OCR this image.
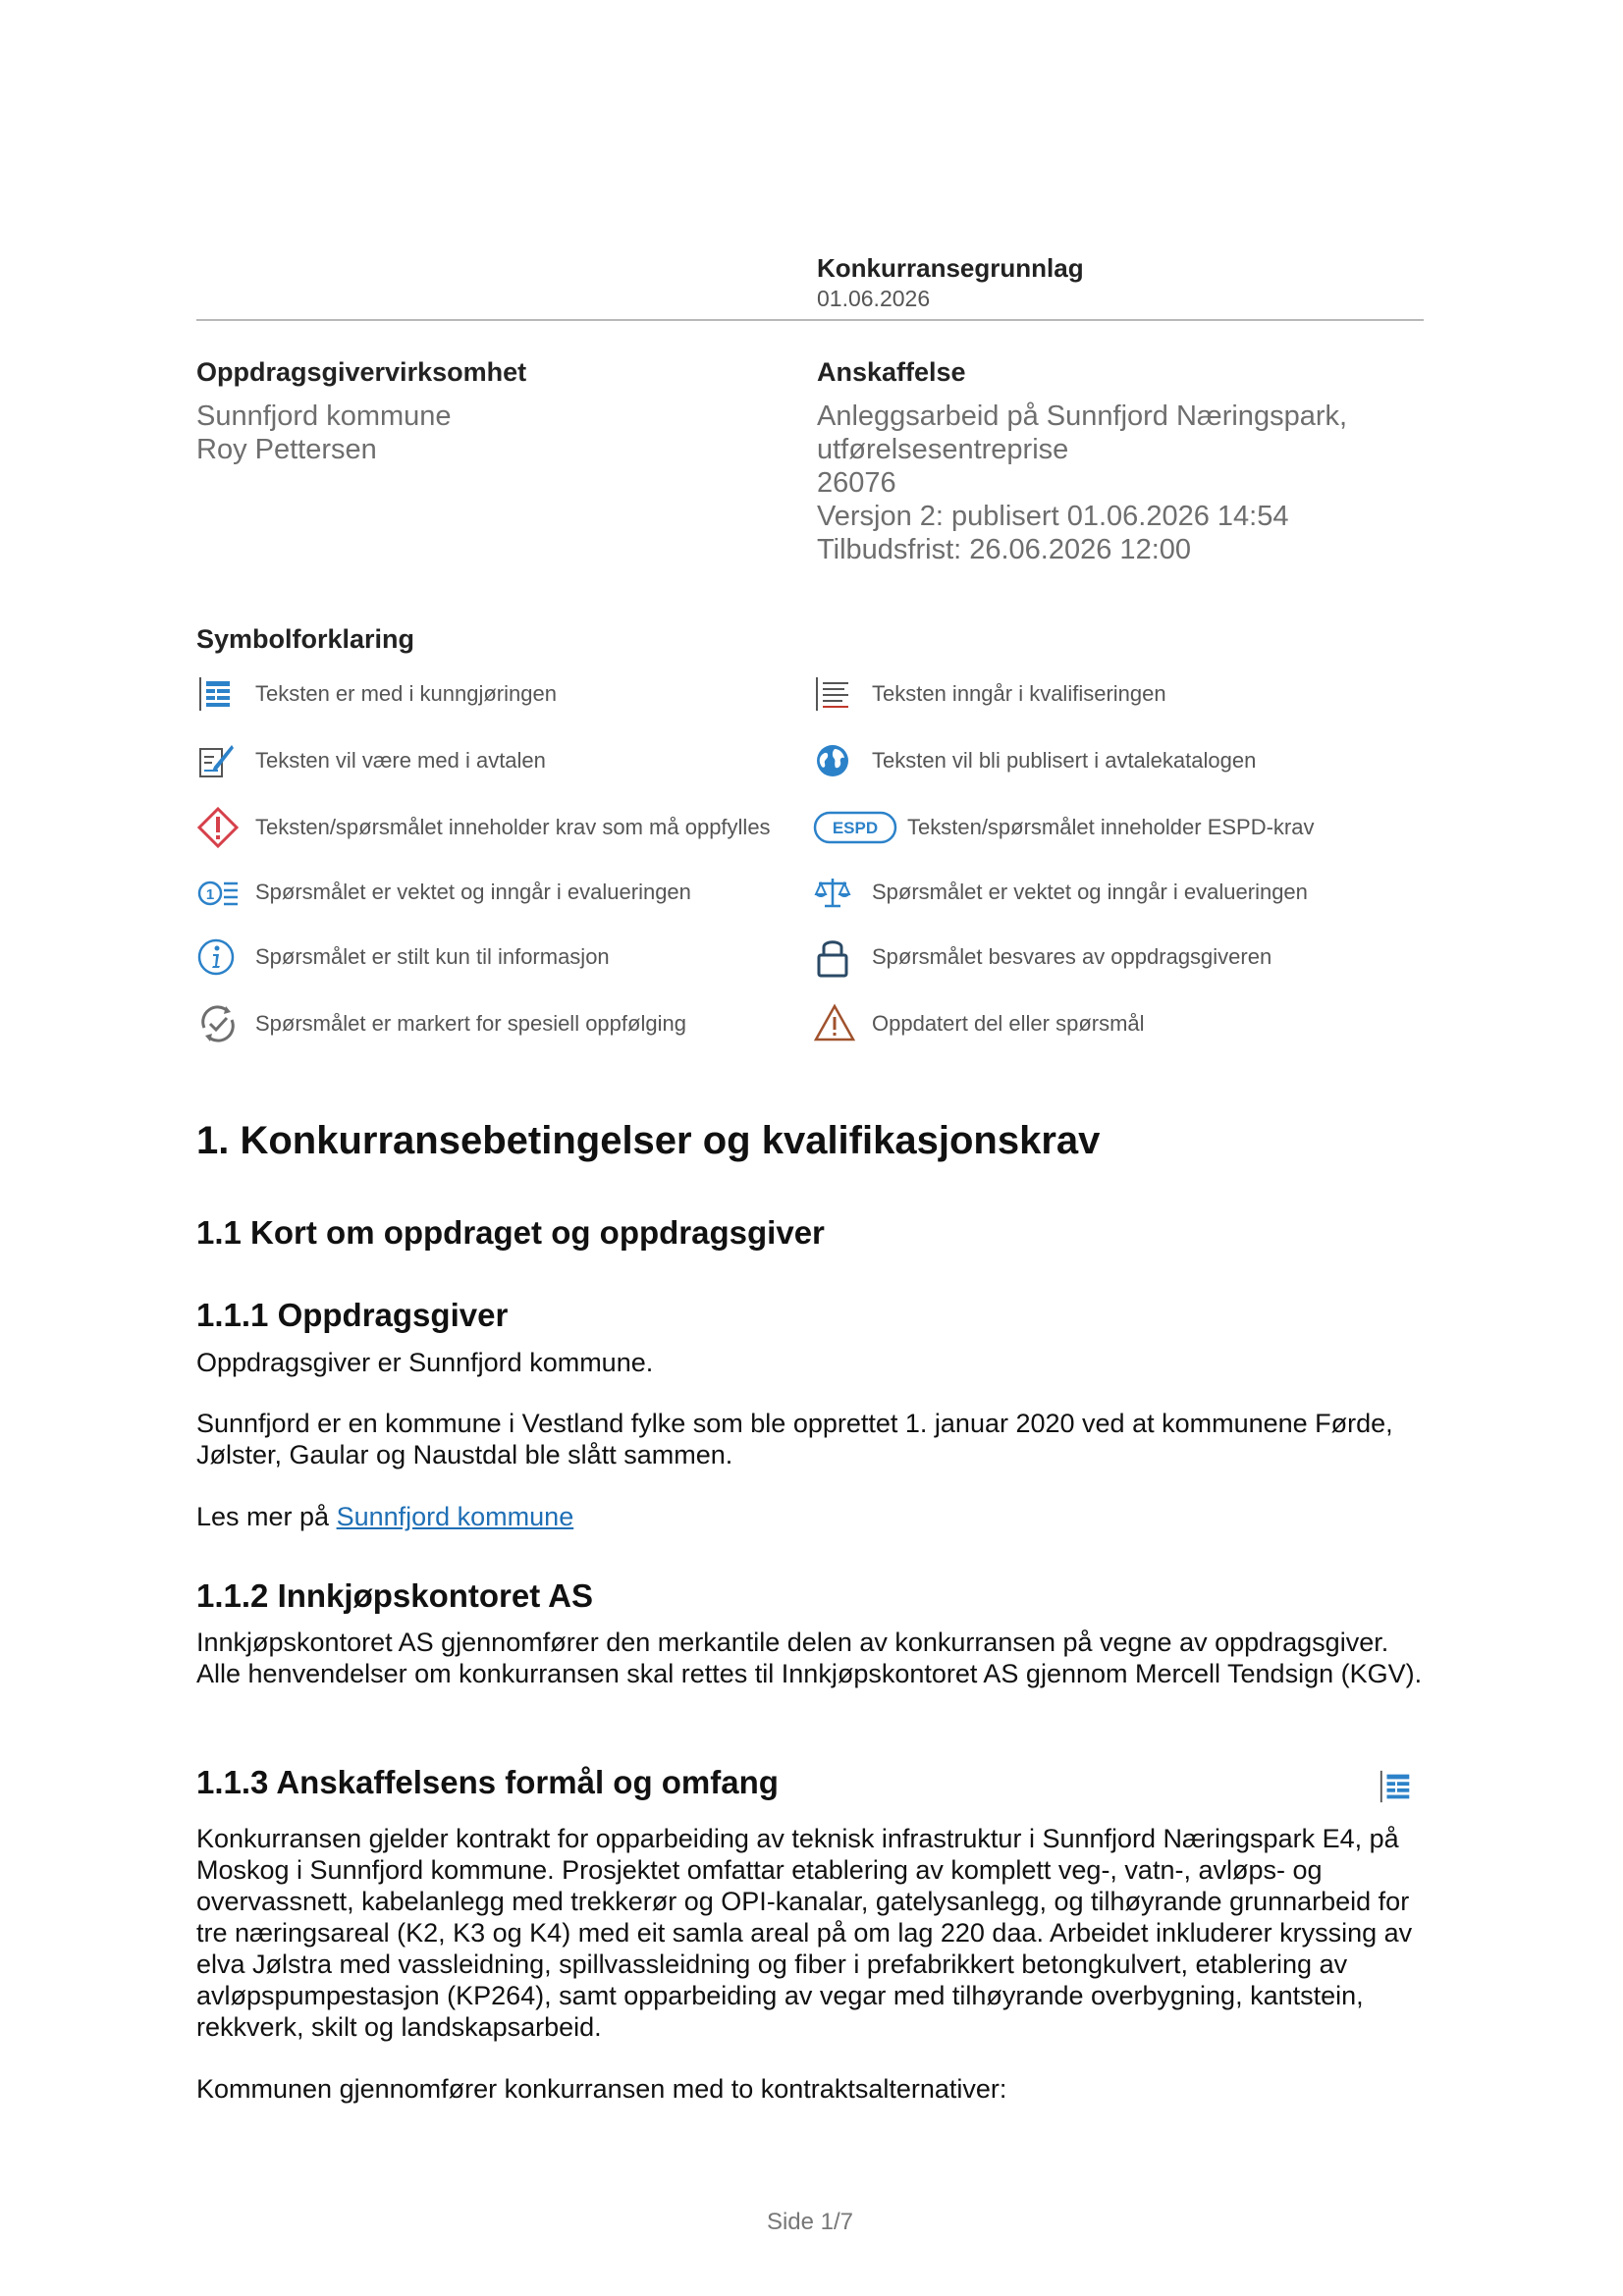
Konkurransegrunnlag
01.06.2026
Oppdragsgivervirksomhet
Sunnfjord kommune
Roy Pettersen
Anskaffelse
Anleggsarbeid på Sunnfjord Næringspark,
utførelsesentreprise
26076
Versjon 2: publisert 01.06.2026 14:54
Tilbudsfrist: 26.06.2026 12:00
Symbolforklaring
Teksten er med i kunngjøringen	Teksten inngår i kvalifiseringen
Teksten vil være med i avtalen	Teksten vil bli publisert i avtalekatalogen
Teksten/spørsmålet inneholder krav som må oppfylles	ESPD Teksten/spørsmålet inneholder ESPD-krav
1 Spørsmålet er vektet og inngår i evalueringen	Spørsmålet er vektet og inngår i evalueringen
Spørsmålet er stilt kun til informasjon	Spørsmålet besvares av oppdragsgiveren
Spørsmålet er markert for spesiell oppfølging	Oppdatert del eller spørsmål
1. Konkurransebetingelser og kvalifikasjonskrav
1.1 Kort om oppdraget og oppdragsgiver
1.1.1 Oppdragsgiver
Oppdragsgiver er Sunnfjord kommune.
Sunnfjord er en kommune i Vestland fylke som ble opprettet 1. januar 2020 ved at kommunene Førde, Jølster, Gaular og Naustdal ble slått sammen.
Les mer på Sunnfjord kommune
1.1.2 Innkjøpskontoret AS
Innkjøpskontoret AS gjennomfører den merkantile delen av konkurransen på vegne av oppdragsgiver. Alle henvendelser om konkurransen skal rettes til Innkjøpskontoret AS gjennom Mercell Tendsign (KGV).
1.1.3 Anskaffelsens formål og omfang
Konkurransen gjelder kontrakt for opparbeiding av teknisk infrastruktur i Sunnfjord Næringspark E4, på Moskog i Sunnfjord kommune. Prosjektet omfattar etablering av komplett veg-, vatn-, avløps- og overvassnett, kabelanlegg med trekkerør og OPI-kanalar, gatelysanlegg, og tilhøyrande grunnarbeid for tre næringsareal (K2, K3 og K4) med eit samla areal på om lag 220 daa. Arbeidet inkluderer kryssing av elva Jølstra med vassleidning, spillvassleidning og fiber i prefabrikkert betongkulvert, etablering av avløpspumpestasjon (KP264), samt opparbeiding av vegar med tilhøyrande overbygning, kantstein, rekkverk, skilt og landskapsarbeid.
Kommunen gjennomfører konkurransen med to kontraktsalternativer:
Side 1/7
